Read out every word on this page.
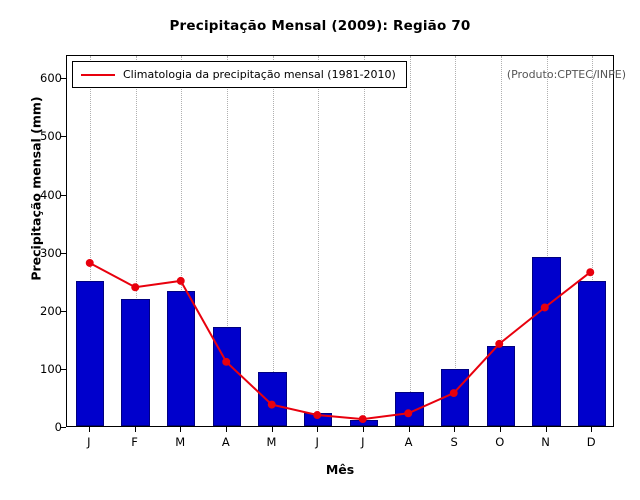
Precipitação Mensal (2009): Região 70
Precipitação mensal (mm)
Mês
0
100
200
300
400
500
600
J	F	M	A	M	J	J	A	S	O	N	D
Climatologia da precipitação mensal (1981-2010)	(Produto:CPTEC/INPE)
